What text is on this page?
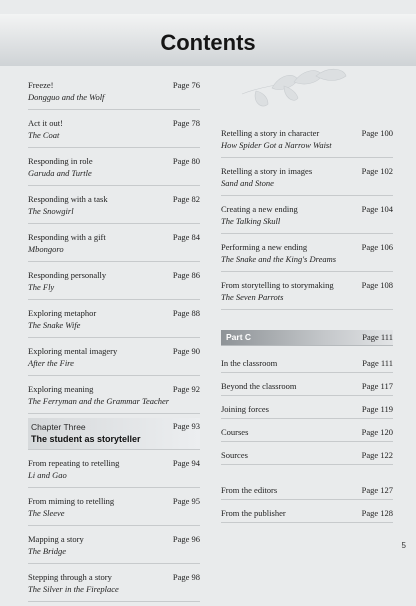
Contents
Freeze!
Dongguo and the Wolf
Page 76
Act it out!
The Coat
Page 78
Responding in role
Garuda and Turtle
Page 80
Responding with a task
The Snowgirl
Page 82
Responding with a gift
Mbongoro
Page 84
Responding personally
The Fly
Page 86
Exploring metaphor
The Snake Wife
Page 88
Exploring mental imagery
After the Fire
Page 90
Exploring meaning
The Ferryman and the Grammar Teacher
Page 92
Chapter Three
The student as storyteller
Page 93
From repeating to retelling
Li and Gao
Page 94
From miming to retelling
The Sleeve
Page 95
Mapping a story
The Bridge
Page 96
Stepping through a story
The Silver in the Fireplace
Page 98
Retelling a story in character
How Spider Got a Narrow Waist
Page 100
Retelling a story in images
Sand and Stone
Page 102
Creating a new ending
The Talking Skull
Page 104
Performing a new ending
The Snake and the King's Dreams
Page 106
From storytelling to storymaking
The Seven Parrots
Page 108
Part C	Page 111
In the classroom	Page 111
Beyond the classroom	Page 117
Joining forces	Page 119
Courses	Page 120
Sources	Page 122
From the editors	Page 127
From the publisher	Page 128
5
